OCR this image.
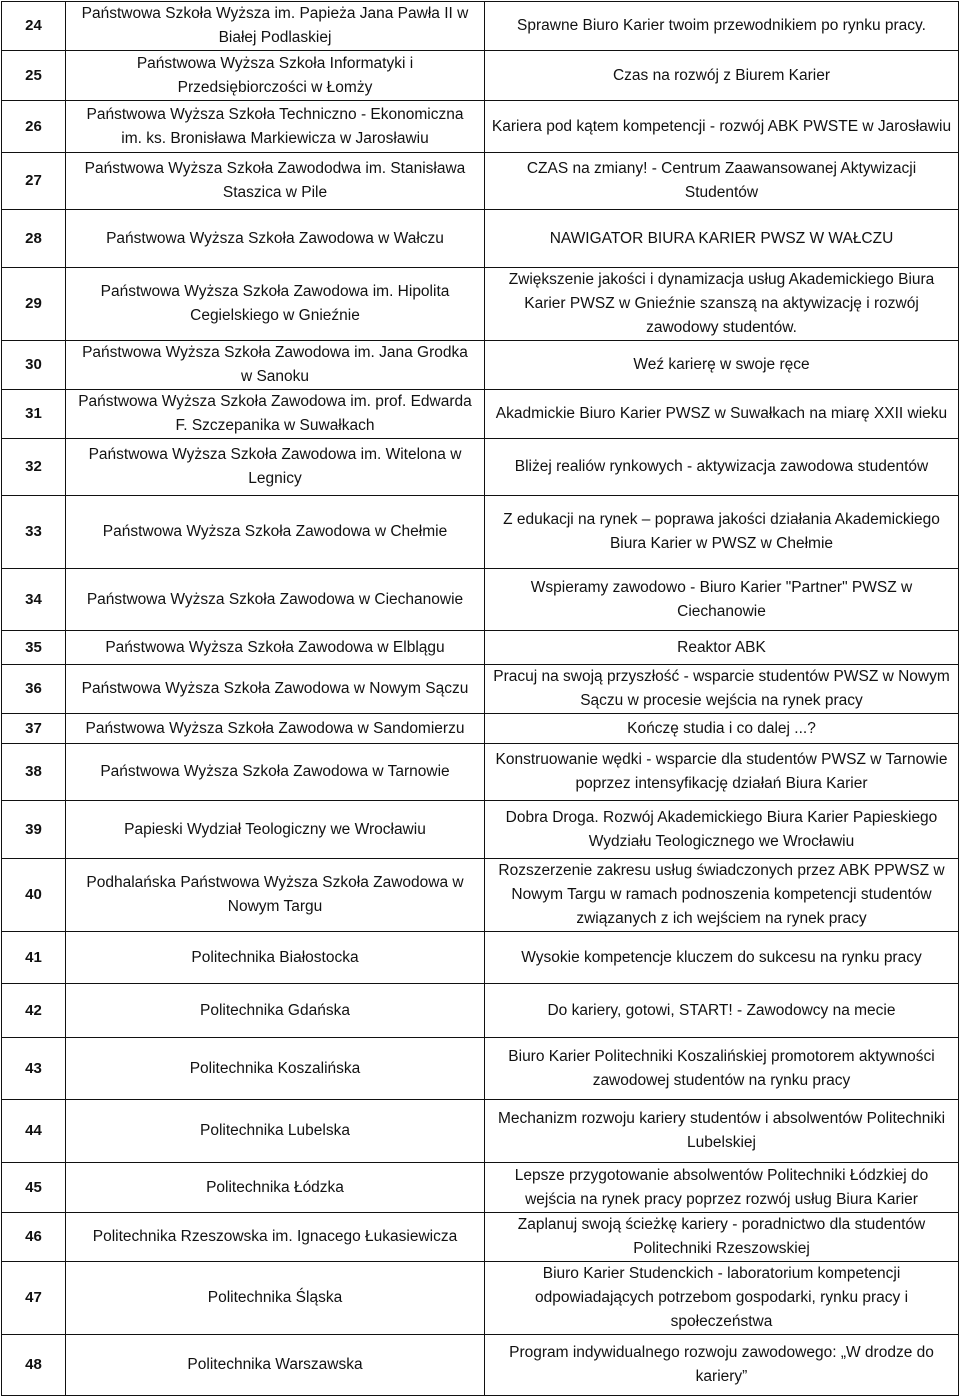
24	Państwowa Szkoła Wyższa im. Papieża Jana Pawła II w Białej Podlaskiej	Sprawne Biuro Karier twoim przewodnikiem po rynku pracy.
25	Państwowa Wyższa Szkoła Informatyki i Przedsiębiorczości w Łomży	Czas na rozwój z Biurem Karier
26	Państwowa Wyższa Szkoła Techniczno - Ekonomiczna im. ks. Bronisława Markiewicza w Jarosławiu	Kariera pod kątem kompetencji - rozwój ABK PWSTE w Jarosławiu
27	Państwowa Wyższa Szkoła Zawododwa im. Stanisława Staszica w Pile	CZAS na zmiany! - Centrum Zaawansowanej Aktywizacji Studentów
28	Państwowa Wyższa Szkoła Zawodowa w Wałczu	NAWIGATOR BIURA KARIER PWSZ W WAŁCZU
29	Państwowa Wyższa Szkoła Zawodowa im. Hipolita Cegielskiego w Gnieźnie	Zwiększenie jakości i dynamizacja usług Akademickiego Biura Karier PWSZ w Gnieźnie szanszą na aktywizację i rozwój zawodowy studentów.
30	Państwowa Wyższa Szkoła Zawodowa im. Jana Grodka w Sanoku	Weź karierę w swoje ręce
31	Państwowa Wyższa Szkoła Zawodowa im. prof. Edwarda F. Szczepanika w Suwałkach	Akadmickie Biuro Karier PWSZ w Suwałkach na miarę XXII wieku
32	Państwowa Wyższa Szkoła Zawodowa im. Witelona w Legnicy	Bliżej realiów rynkowych - aktywizacja zawodowa studentów
33	Państwowa Wyższa Szkoła Zawodowa w Chełmie	Z edukacji na rynek – poprawa jakości działania Akademickiego Biura Karier w PWSZ w Chełmie
34	Państwowa Wyższa Szkoła Zawodowa w Ciechanowie	Wspieramy zawodowo - Biuro Karier "Partner" PWSZ w Ciechanowie
35	Państwowa Wyższa Szkoła Zawodowa w Elblągu	Reaktor ABK
36	Państwowa Wyższa Szkoła Zawodowa w Nowym Sączu	Pracuj na swoją przyszłość - wsparcie studentów PWSZ w Nowym Sączu w procesie wejścia na rynek pracy
37	Państwowa Wyższa Szkoła Zawodowa w Sandomierzu	Kończę studia i co dalej ...?
38	Państwowa Wyższa Szkoła Zawodowa w Tarnowie	Konstruowanie wędki - wsparcie dla studentów PWSZ w Tarnowie poprzez intensyfikację działań Biura Karier
39	Papieski Wydział Teologiczny we Wrocławiu	Dobra Droga. Rozwój Akademickiego Biura Karier Papieskiego Wydziału Teologicznego we Wrocławiu
40	Podhalańska Państwowa Wyższa Szkoła Zawodowa w Nowym Targu	Rozszerzenie zakresu usług świadczonych przez ABK PPWSZ w Nowym Targu w ramach podnoszenia kompetencji studentów związanych z ich wejściem na rynek pracy
41	Politechnika Białostocka	Wysokie kompetencje kluczem do sukcesu na rynku pracy
42	Politechnika Gdańska	Do kariery, gotowi, START! - Zawodowcy na mecie
43	Politechnika Koszalińska	Biuro Karier Politechniki Koszalińskiej promotorem aktywności zawodowej studentów na rynku pracy
44	Politechnika Lubelska	Mechanizm rozwoju kariery studentów i absolwentów Politechniki Lubelskiej
45	Politechnika Łódzka	Lepsze przygotowanie absolwentów Politechniki Łódzkiej do wejścia na rynek pracy poprzez rozwój usług Biura Karier
46	Politechnika Rzeszowska im. Ignacego Łukasiewicza	Zaplanuj swoją ścieżkę kariery - poradnictwo dla studentów Politechniki Rzeszowskiej
47	Politechnika Śląska	Biuro Karier Studenckich - laboratorium kompetencji odpowiadających potrzebom gospodarki, rynku pracy i społeczeństwa
48	Politechnika Warszawska	Program indywidualnego rozwoju zawodowego: „W drodze do kariery”
